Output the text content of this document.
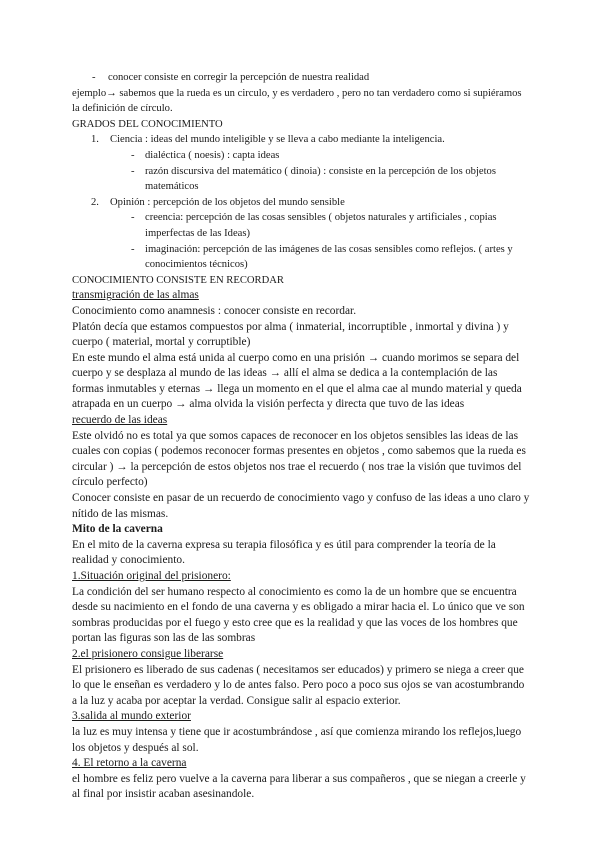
-	conocer consiste en corregir la percepción de nuestra realidad

ejemplo→ sabemos que la rueda es un circulo, y es verdadero , pero no tan verdadero como si supiéramos la definición de círculo.

GRADOS DEL CONOCIMIENTO

1.	Ciencia : ideas del mundo inteligible y se lleva a cabo mediante la inteligencia.
- dialéctica ( noesis) : capta ideas
- razón discursiva del matemático ( dinoia) : consiste en la percepción de los objetos matemáticos
2.	Opinión : percepción de los objetos del mundo sensible
- creencia: percepción de las cosas sensibles ( objetos naturales y artificiales , copias imperfectas de las Ideas)
- imaginación: percepción de las imágenes de las cosas sensibles como reflejos. ( artes y conocimientos técnicos)

CONOCIMIENTO CONSISTE EN RECORDAR

transmigración de las almas

Conocimiento como anamnesis : conocer consiste en recordar.

Platón decía que estamos compuestos por alma ( inmaterial, incorruptible , inmortal y divina ) y cuerpo ( material, mortal y corruptible)

En este mundo el alma está unida al cuerpo como en una prisión → cuando morimos se separa del cuerpo y se desplaza al mundo de las ideas → allí el alma se dedica a la contemplación de las formas inmutables y eternas → llega un momento en el que el alma cae al mundo material y queda atrapada en un cuerpo → alma olvida la visión perfecta y directa que tuvo de las ideas

recuerdo de las ideas

Este olvidó no es total ya que somos capaces de reconocer en los objetos sensibles las ideas de las cuales con copias ( podemos reconocer formas presentes en objetos , como sabemos que la rueda es circular ) → la percepción de estos objetos nos trae el recuerdo ( nos trae la visión que tuvimos del círculo perfecto)

Conocer consiste en pasar de un recuerdo de conocimiento vago y confuso de las ideas a uno claro y nítido de las mismas.

Mito de la caverna

En el mito de la caverna expresa su terapia filosófica y es útil para comprender la teoría de la realidad y conocimiento.

1.Situación original del prisionero:

La condición del ser humano respecto al conocimiento es como la de un hombre que se encuentra desde su nacimiento en el fondo de una caverna y es obligado a mirar hacia el. Lo único que ve son sombras producidas por el fuego y esto cree que es la realidad y que las voces de los hombres que portan las figuras son las de las sombras

2.el prisionero consigue liberarse

El prisionero es liberado de sus cadenas ( necesitamos ser educados) y primero se niega a creer que lo que le enseñan es verdadero y lo de antes falso. Pero poco a poco sus ojos se van acostumbrando a la luz y acaba por aceptar la verdad. Consigue salir al espacio exterior.

3.salida al mundo exterior

la luz es muy intensa y tiene que ir acostumbrándose , así que comienza mirando los reflejos,luego los objetos y después al sol.

4. El retorno a la caverna

el hombre es feliz pero vuelve a la caverna para liberar a sus compañeros , que se niegan a creerle y al final por insistir acaban asesinandole.
